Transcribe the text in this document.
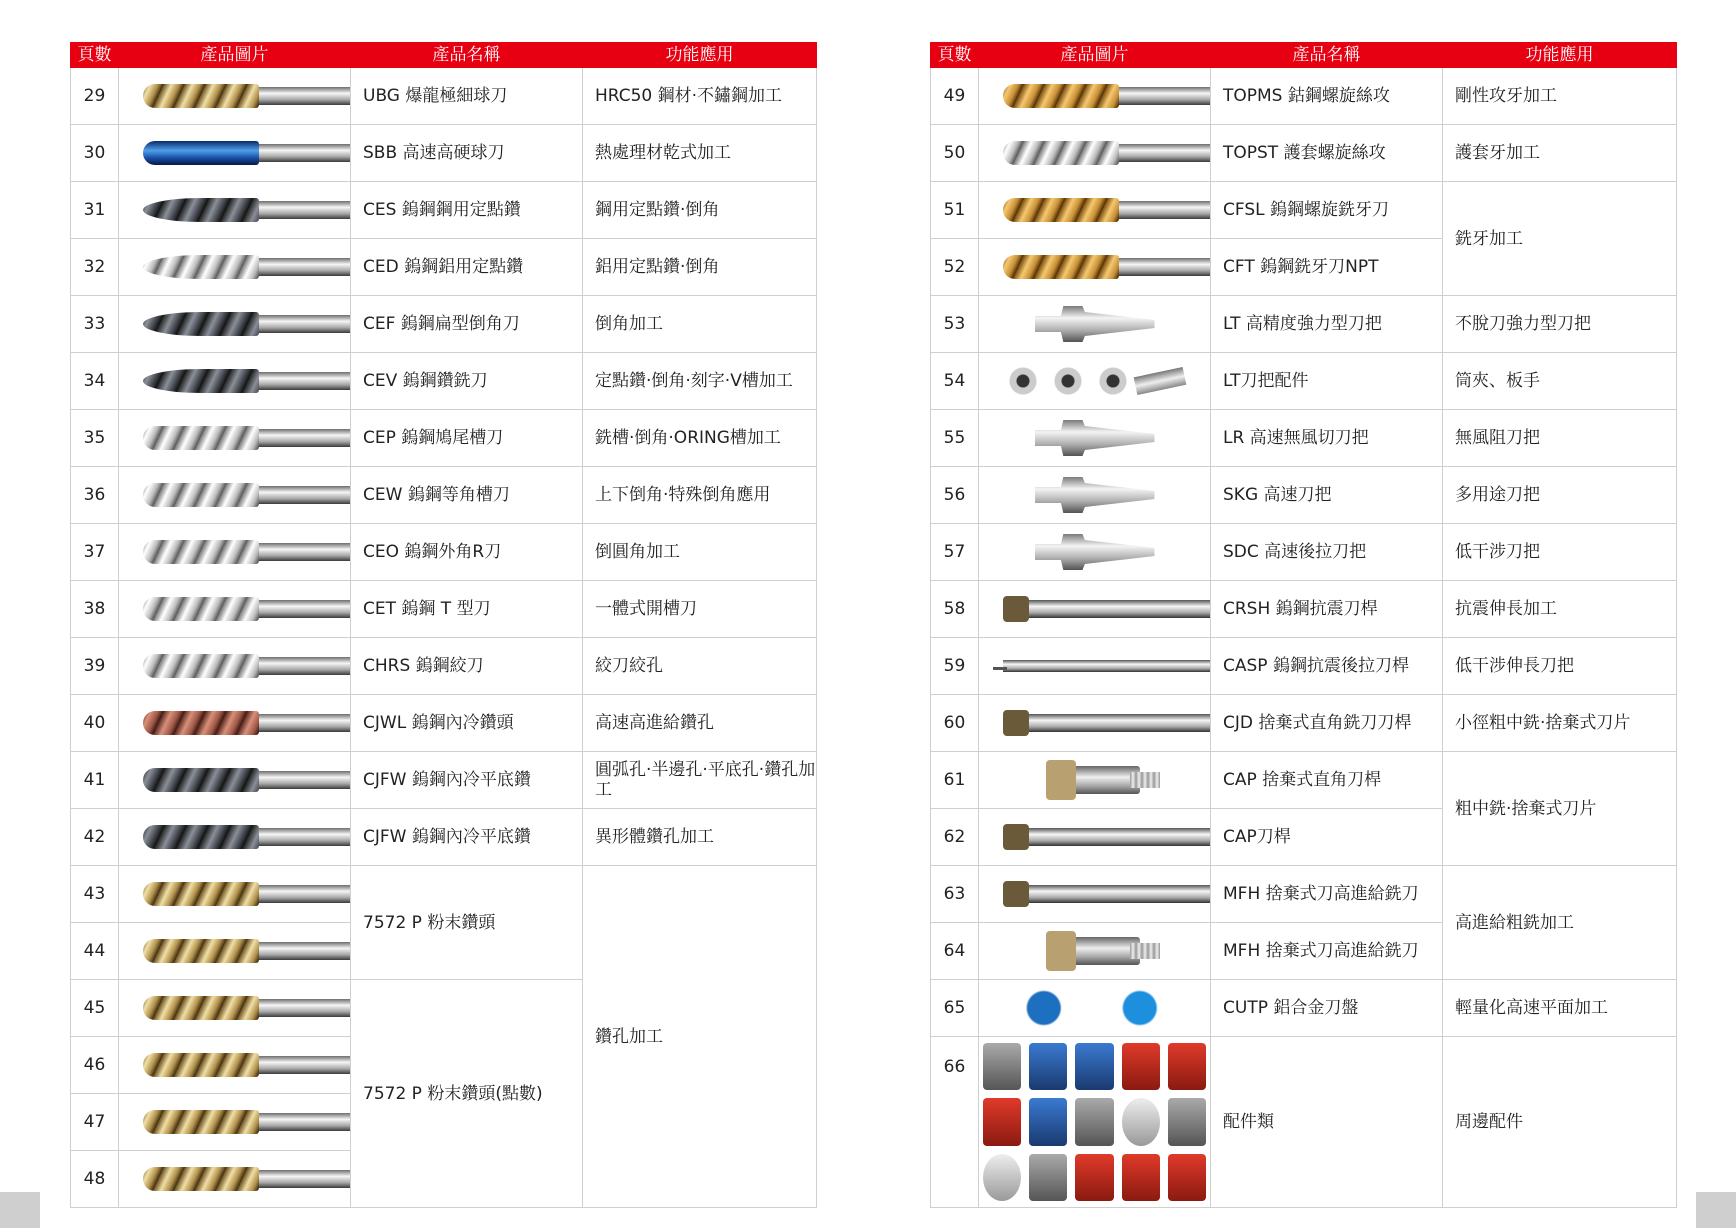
頁數	產品圖片	產品名稱	功能應用
29		UBG 爆龍極細球刀	HRC50 鋼材‧不鏽鋼加工
30		SBB 高速高硬球刀	熱處理材乾式加工
31		CES 鎢鋼鋼用定點鑽	鋼用定點鑽‧倒角
32		CED 鎢鋼鋁用定點鑽	鋁用定點鑽‧倒角
33		CEF 鎢鋼扁型倒角刀	倒角加工
34		CEV 鎢鋼鑽銑刀	定點鑽‧倒角‧刻字‧V槽加工
35		CEP 鎢鋼鳩尾槽刀	銑槽‧倒角‧ORING槽加工
36		CEW 鎢鋼等角槽刀	上下倒角‧特殊倒角應用
37		CEO 鎢鋼外角R刀	倒圓角加工
38		CET 鎢鋼 T 型刀	一體式開槽刀
39		CHRS 鎢鋼絞刀	絞刀絞孔
40		CJWL 鎢鋼內冷鑽頭	高速高進給鑽孔
41		CJFW 鎢鋼內冷平底鑽	圓弧孔‧半邊孔‧平底孔‧鑽孔加工
42		CJFW 鎢鋼內冷平底鑽	異形體鑽孔加工
43		7572 P 粉末鑽頭	鑽孔加工
44			

45		7572 P 粉末鑽頭(點數)	
46			

47			

48			
頁數	產品圖片	產品名稱	功能應用
49		TOPMS 鈷鋼螺旋絲攻	剛性攻牙加工
50		TOPST 護套螺旋絲攻	護套牙加工
51		CFSL 鎢鋼螺旋銑牙刀	銑牙加工
52		CFT 鎢鋼銑牙刀NPT	
53		LT 高精度強力型刀把	不脫刀強力型刀把
54		LT刀把配件	筒夾、板手
55		LR 高速無風切刀把	無風阻刀把
56		SKG 高速刀把	多用途刀把
57		SDC 高速後拉刀把	低干涉刀把
58		CRSH 鎢鋼抗震刀桿	抗震伸長加工
59		CASP 鎢鋼抗震後拉刀桿	低干涉伸長刀把
60		CJD 捨棄式直角銑刀刀桿	小徑粗中銑‧捨棄式刀片
61		CAP 捨棄式直角刀桿	粗中銑‧捨棄式刀片
62		CAP刀桿	
63		MFH 捨棄式刀高進給銑刀	高進給粗銑加工
64		MFH 捨棄式刀高進給銑刀	
65		CUTP 鋁合金刀盤	輕量化高速平面加工
66		配件類	周邊配件
